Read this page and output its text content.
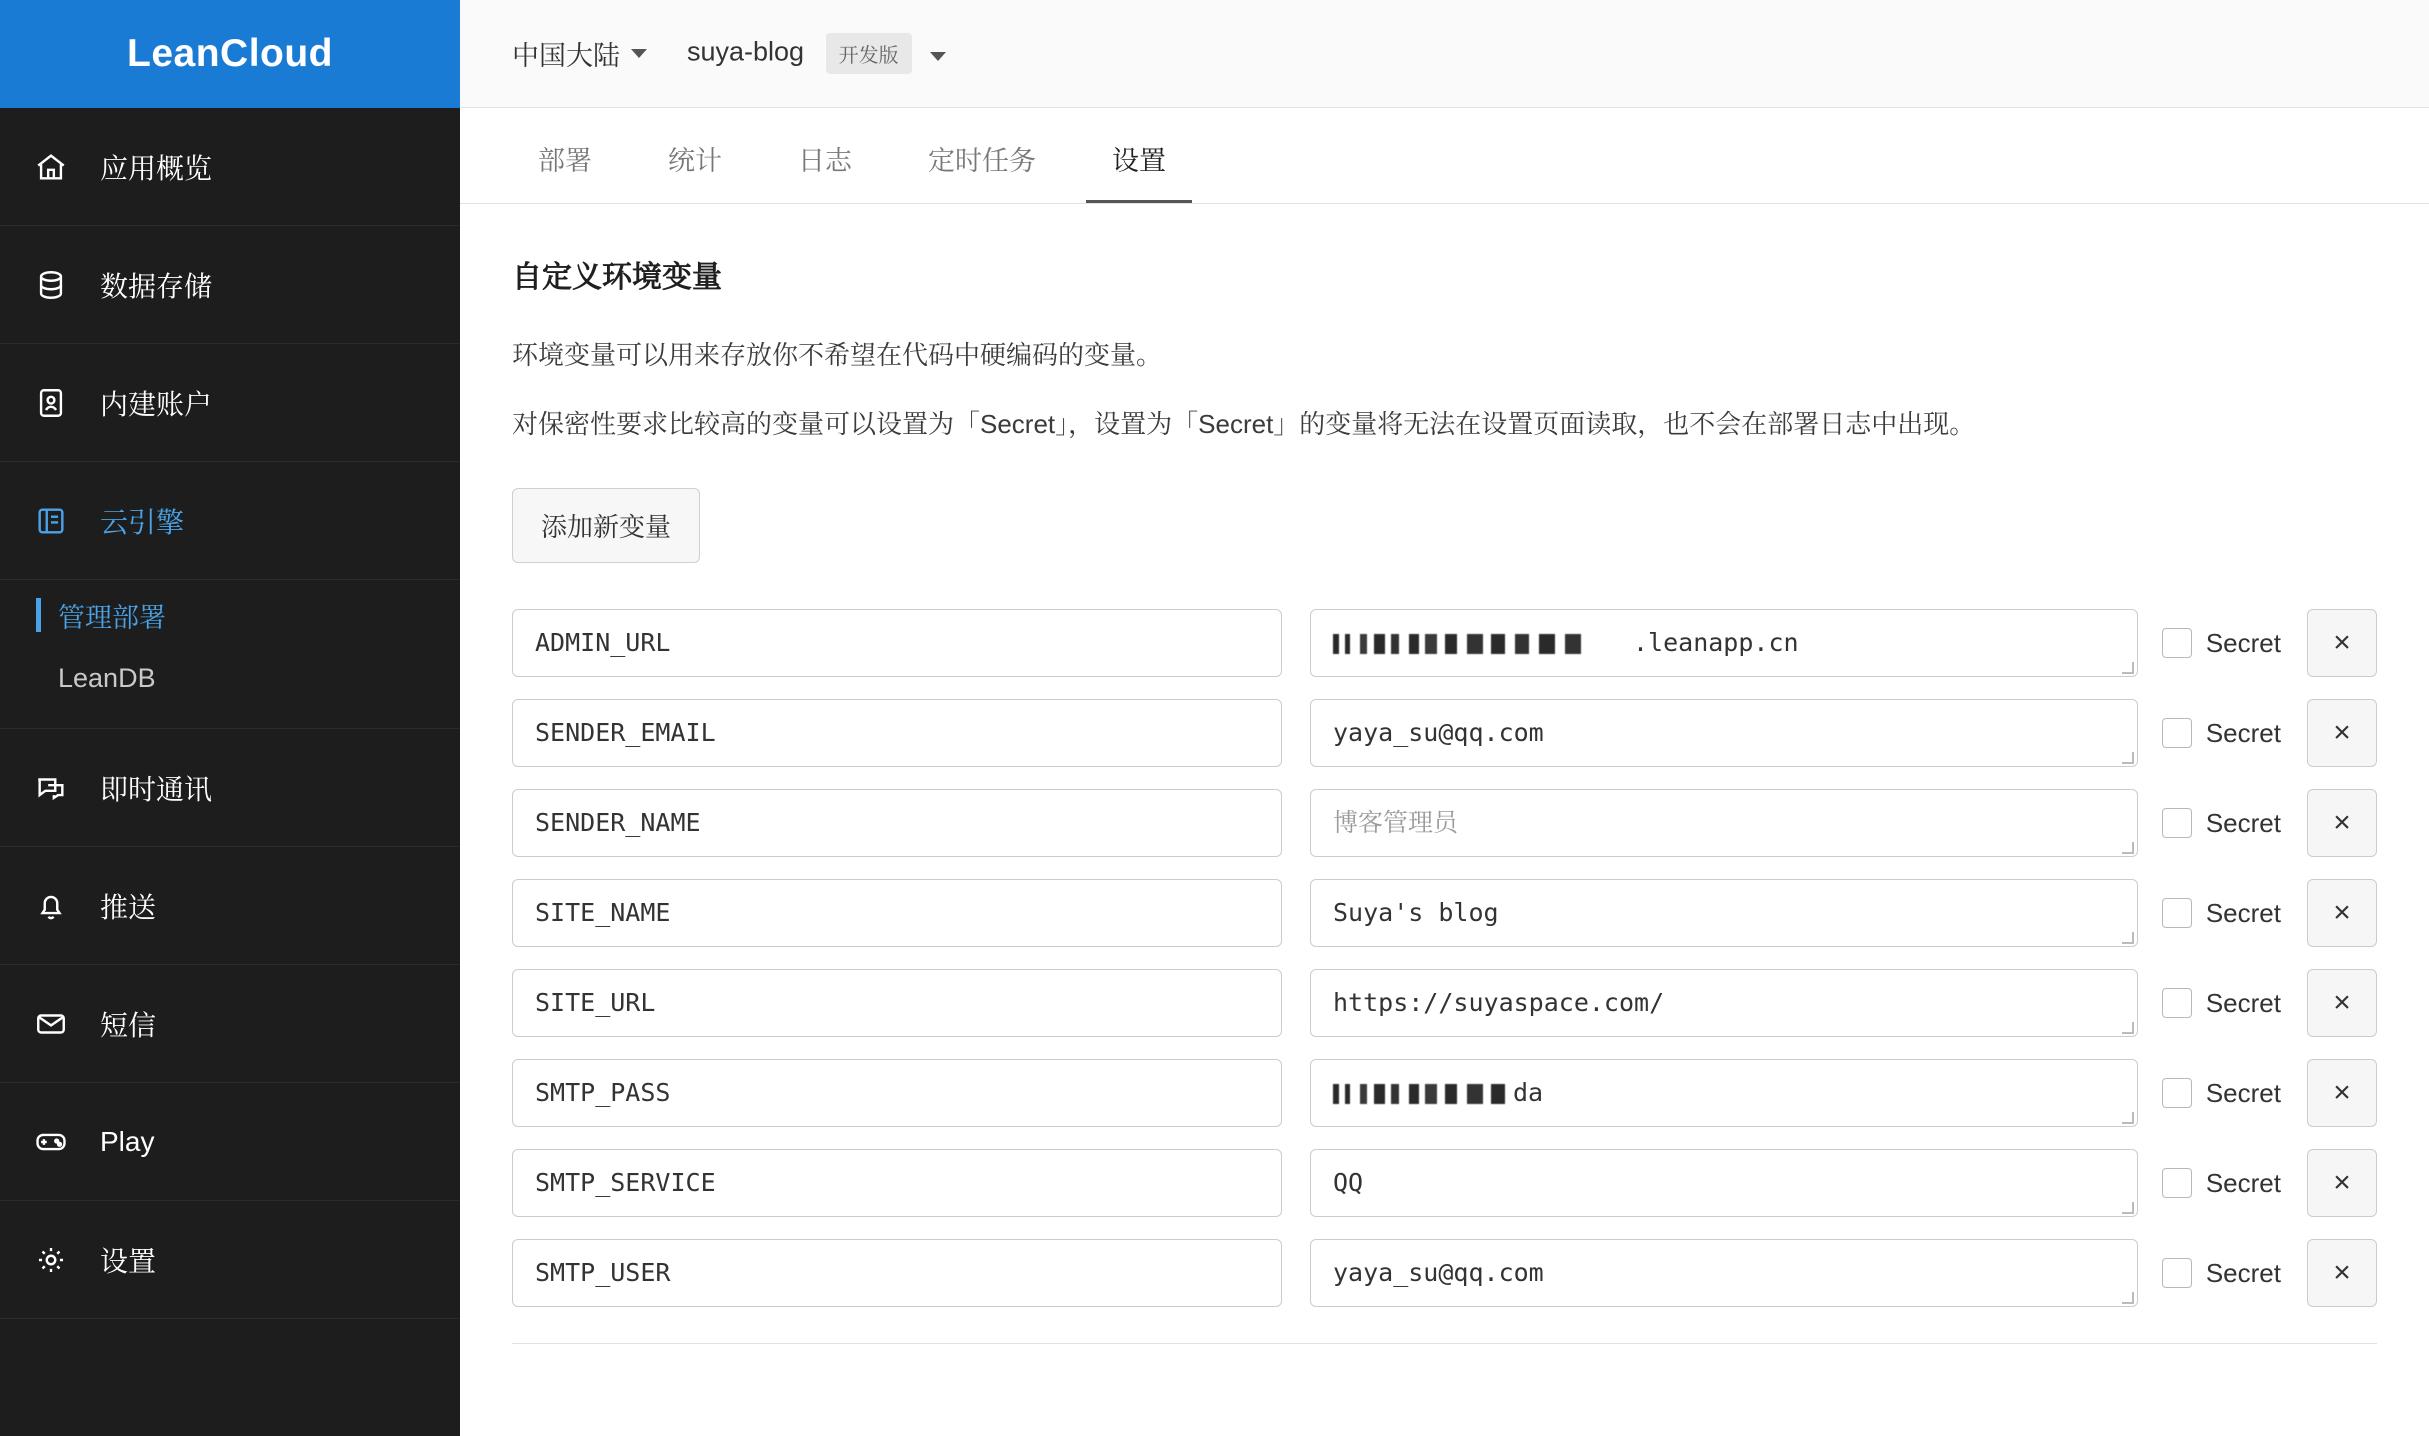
LeanCloud
应用概览
数据存储
内建账户
云引擎
管理部署
LeanDB
即时通讯
推送
短信
Play
设置
中国大陆 suya-blog 开发版
部署	统计	日志	定时任务	设置
自定义环境变量
环境变量可以用来存放你不希望在代码中硬编码的变量。
对保密性要求比较高的变量可以设置为「Secret」，设置为「Secret」的变量将无法在设置页面读取，也不会在部署日志中出现。
添加新变量
ADMIN_URL	.leanapp.cn	Secret	×
SENDER_EMAIL	yaya_su@qq.com	Secret	×
SENDER_NAME	博客管理员	Secret	×
SITE_NAME	Suya's blog	Secret	×
SITE_URL	https://suyaspace.com/	Secret	×
SMTP_PASS	da	Secret	×
SMTP_SERVICE	QQ	Secret	×
SMTP_USER	yaya_su@qq.com	Secret	×
